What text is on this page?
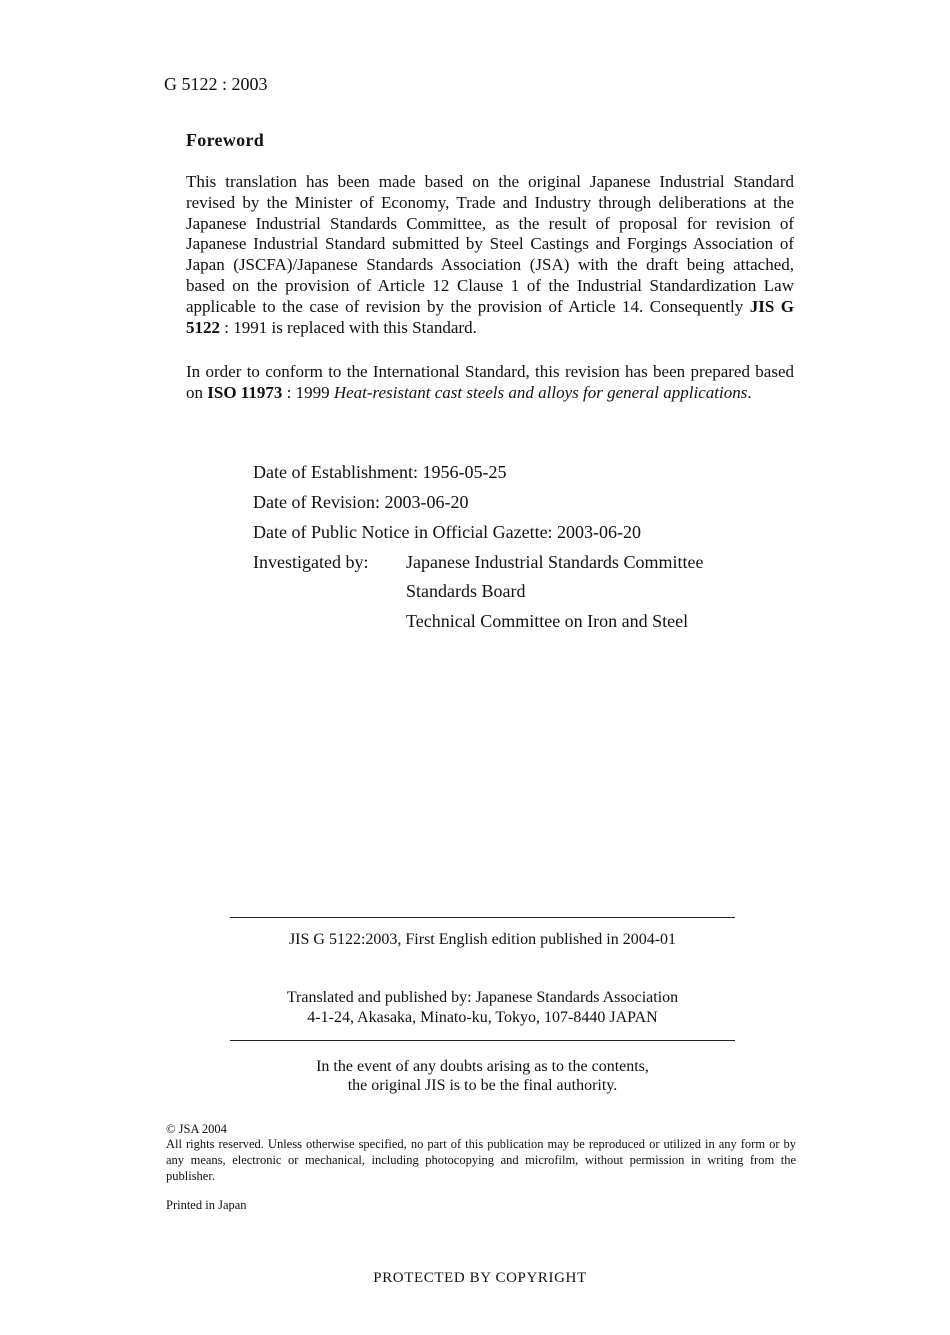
G 5122 : 2003
Foreword
This translation has been made based on the original Japanese Industrial Standard revised by the Minister of Economy, Trade and Industry through deliberations at the Japanese Industrial Standards Committee, as the result of proposal for revision of Japanese Industrial Standard submitted by Steel Castings and Forgings Association of Japan (JSCFA)/Japanese Standards Association (JSA) with the draft being attached, based on the provision of Article 12 Clause 1 of the Industrial Standardization Law applicable to the case of revision by the provision of Article 14. Consequently JIS G 5122 : 1991 is replaced with this Standard.
In order to conform to the International Standard, this revision has been prepared based on ISO 11973 : 1999 Heat-resistant cast steels and alloys for general applications.
Date of Establishment: 1956-05-25
Date of Revision: 2003-06-20
Date of Public Notice in Official Gazette: 2003-06-20
Investigated by: Japanese Industrial Standards Committee
Standards Board
Technical Committee on Iron and Steel
JIS G 5122:2003, First English edition published in 2004-01
Translated and published by: Japanese Standards Association
4-1-24, Akasaka, Minato-ku, Tokyo, 107-8440 JAPAN
In the event of any doubts arising as to the contents,
the original JIS is to be the final authority.
© JSA 2004
All rights reserved. Unless otherwise specified, no part of this publication may be reproduced or utilized in any form or by any means, electronic or mechanical, including photocopying and microfilm, without permission in writing from the publisher.
Printed in Japan
PROTECTED BY COPYRIGHT
